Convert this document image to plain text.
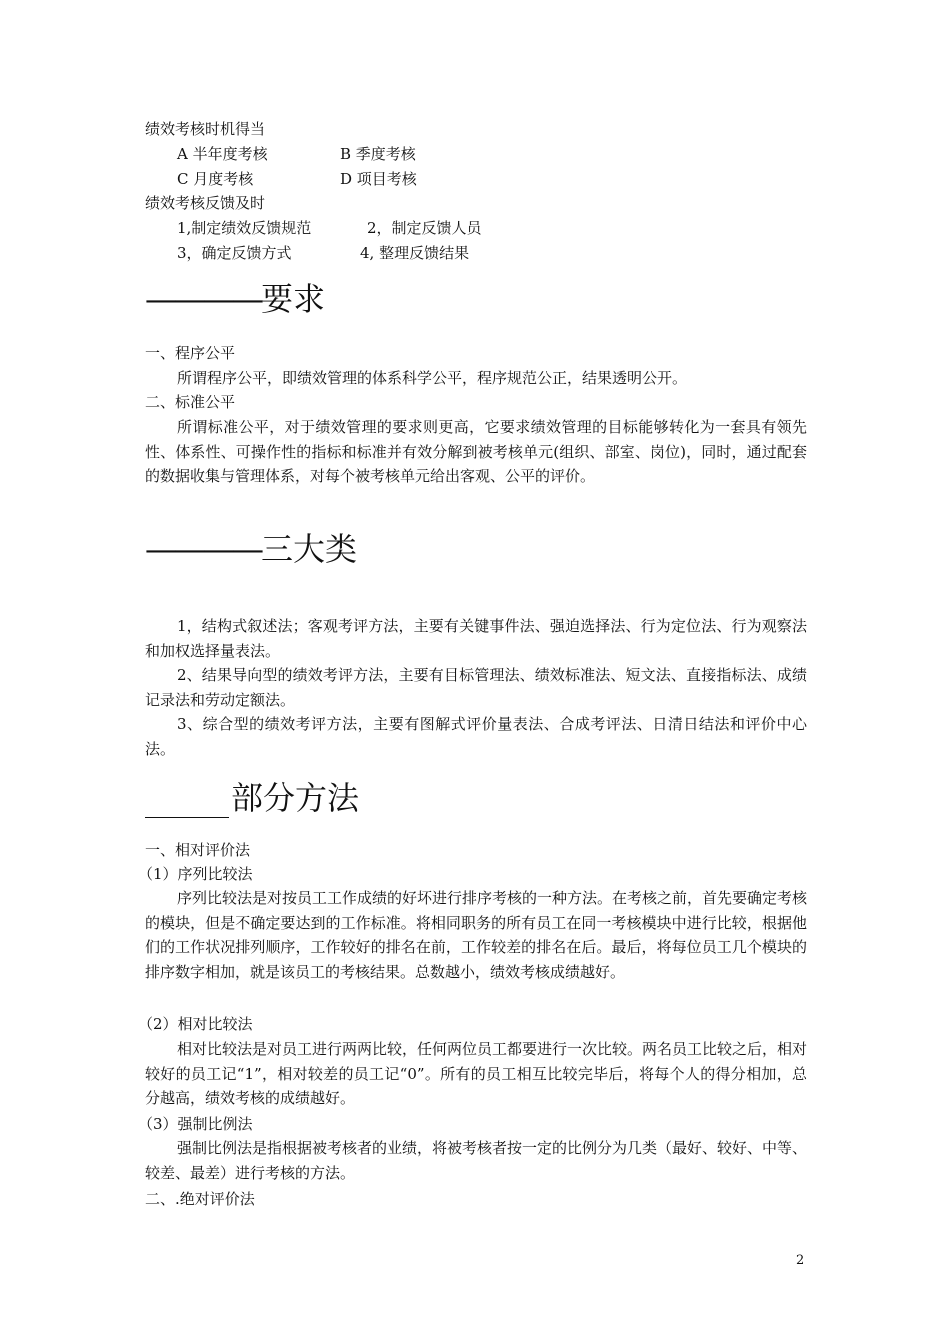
绩效考核时机得当
A 半年度考核	B 季度考核
C 月度考核	D 项目考核
绩效考核反馈及时
1,制定绩效反馈规范	2，制定反馈人员
3，确定反馈方式	4, 整理反馈结果
————要求
一、程序公平
所谓程序公平，即绩效管理的体系科学公平，程序规范公正，结果透明公开。
二、标准公平
所谓标准公平，对于绩效管理的要求则更高，它要求绩效管理的目标能够转化为一套具有领先性、体系性、可操作性的指标和标准并有效分解到被考核单元(组织、部室、岗位)，同时，通过配套的数据收集与管理体系，对每个被考核单元给出客观、公平的评价。
————三大类
1，结构式叙述法；客观考评方法，主要有关键事件法、强迫选择法、行为定位法、行为观察法和加权选择量表法。
2、结果导向型的绩效考评方法，主要有目标管理法、绩效标准法、短文法、直接指标法、成绩记录法和劳动定额法。
3、综合型的绩效考评方法，主要有图解式评价量表法、合成考评法、日清日结法和评价中心法。
部分方法
一、相对评价法
（1）序列比较法
序列比较法是对按员工工作成绩的好坏进行排序考核的一种方法。在考核之前，首先要确定考核的模块，但是不确定要达到的工作标准。将相同职务的所有员工在同一考核模块中进行比较，根据他们的工作状况排列顺序，工作较好的排名在前，工作较差的排名在后。最后，将每位员工几个模块的排序数字相加，就是该员工的考核结果。总数越小，绩效考核成绩越好。
（2）相对比较法
相对比较法是对员工进行两两比较，任何两位员工都要进行一次比较。两名员工比较之后，相对较好的员工记“1”，相对较差的员工记“0”。所有的员工相互比较完毕后，将每个人的得分相加，总分越高，绩效考核的成绩越好。
（3）强制比例法
强制比例法是指根据被考核者的业绩，将被考核者按一定的比例分为几类（最好、较好、中等、较差、最差）进行考核的方法。
二、.绝对评价法
2
